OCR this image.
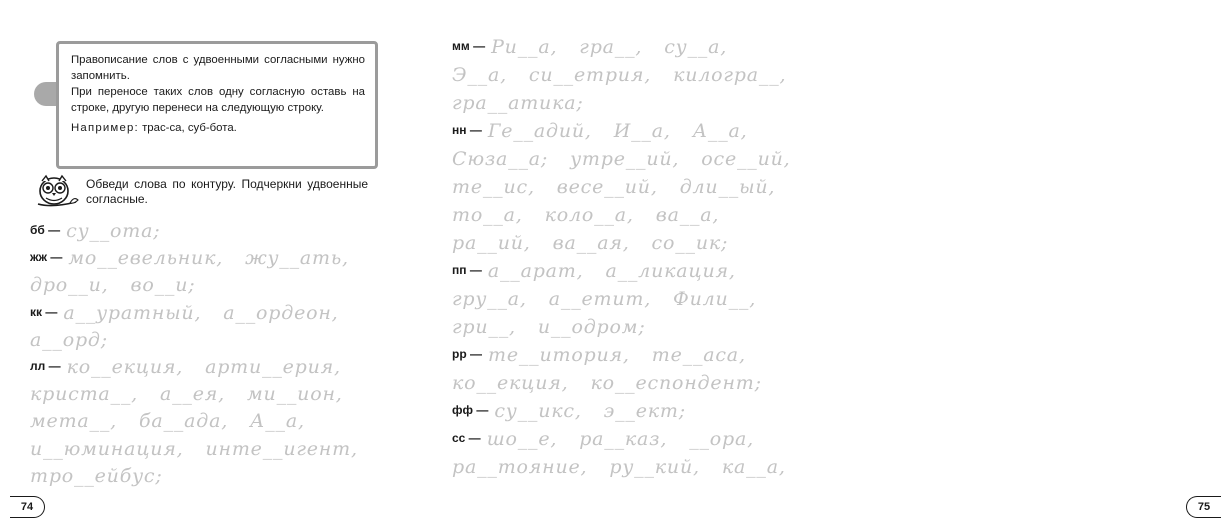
Правописание слов с удвоенными согласными нужно запомнить.

При переносе таких слов одну согласную оставь на строке, другую перенеси на следующую строку.

Например: трас-са, суб-бота.

Обведи слова по контуру. Подчеркни удвоенные согласные.
бб — су__ота;
жж — мо__евельник, жу__ать,
дро__и, во__и;
кк — а__уратный, а__ордеон,
а__орд;
лл — ко__екция, арти__ерия,
криста__, а__ея, ми__ион,
мета__, ба__ада, А__а,
и__юминация, инте__игент,
тро__ейбус;
74
мм — Ри__а, гра__, су__а,
Э__а, си__етрия, килогра__,
гра__атика;
нн — Ге__адий, И__а, А__а,
Сюза__а; утре__ий, осе__ий,
те__ис, весе__ий, дли__ый,
то__а, коло__а, ва__а,
ра__ий, ва__ая, со__ик;
пп — а__арат, а__ликация,
гру__а, а__етит, Фили__,
гри__, и__одром;
рр — те__итория, те__аса,
ко__екция, ко__еспондент;
фф — су__икс, э__ект;
сс — шо__е, ра__каз, __ора,
ра__тояние, ру__кий, ка__а,
75
